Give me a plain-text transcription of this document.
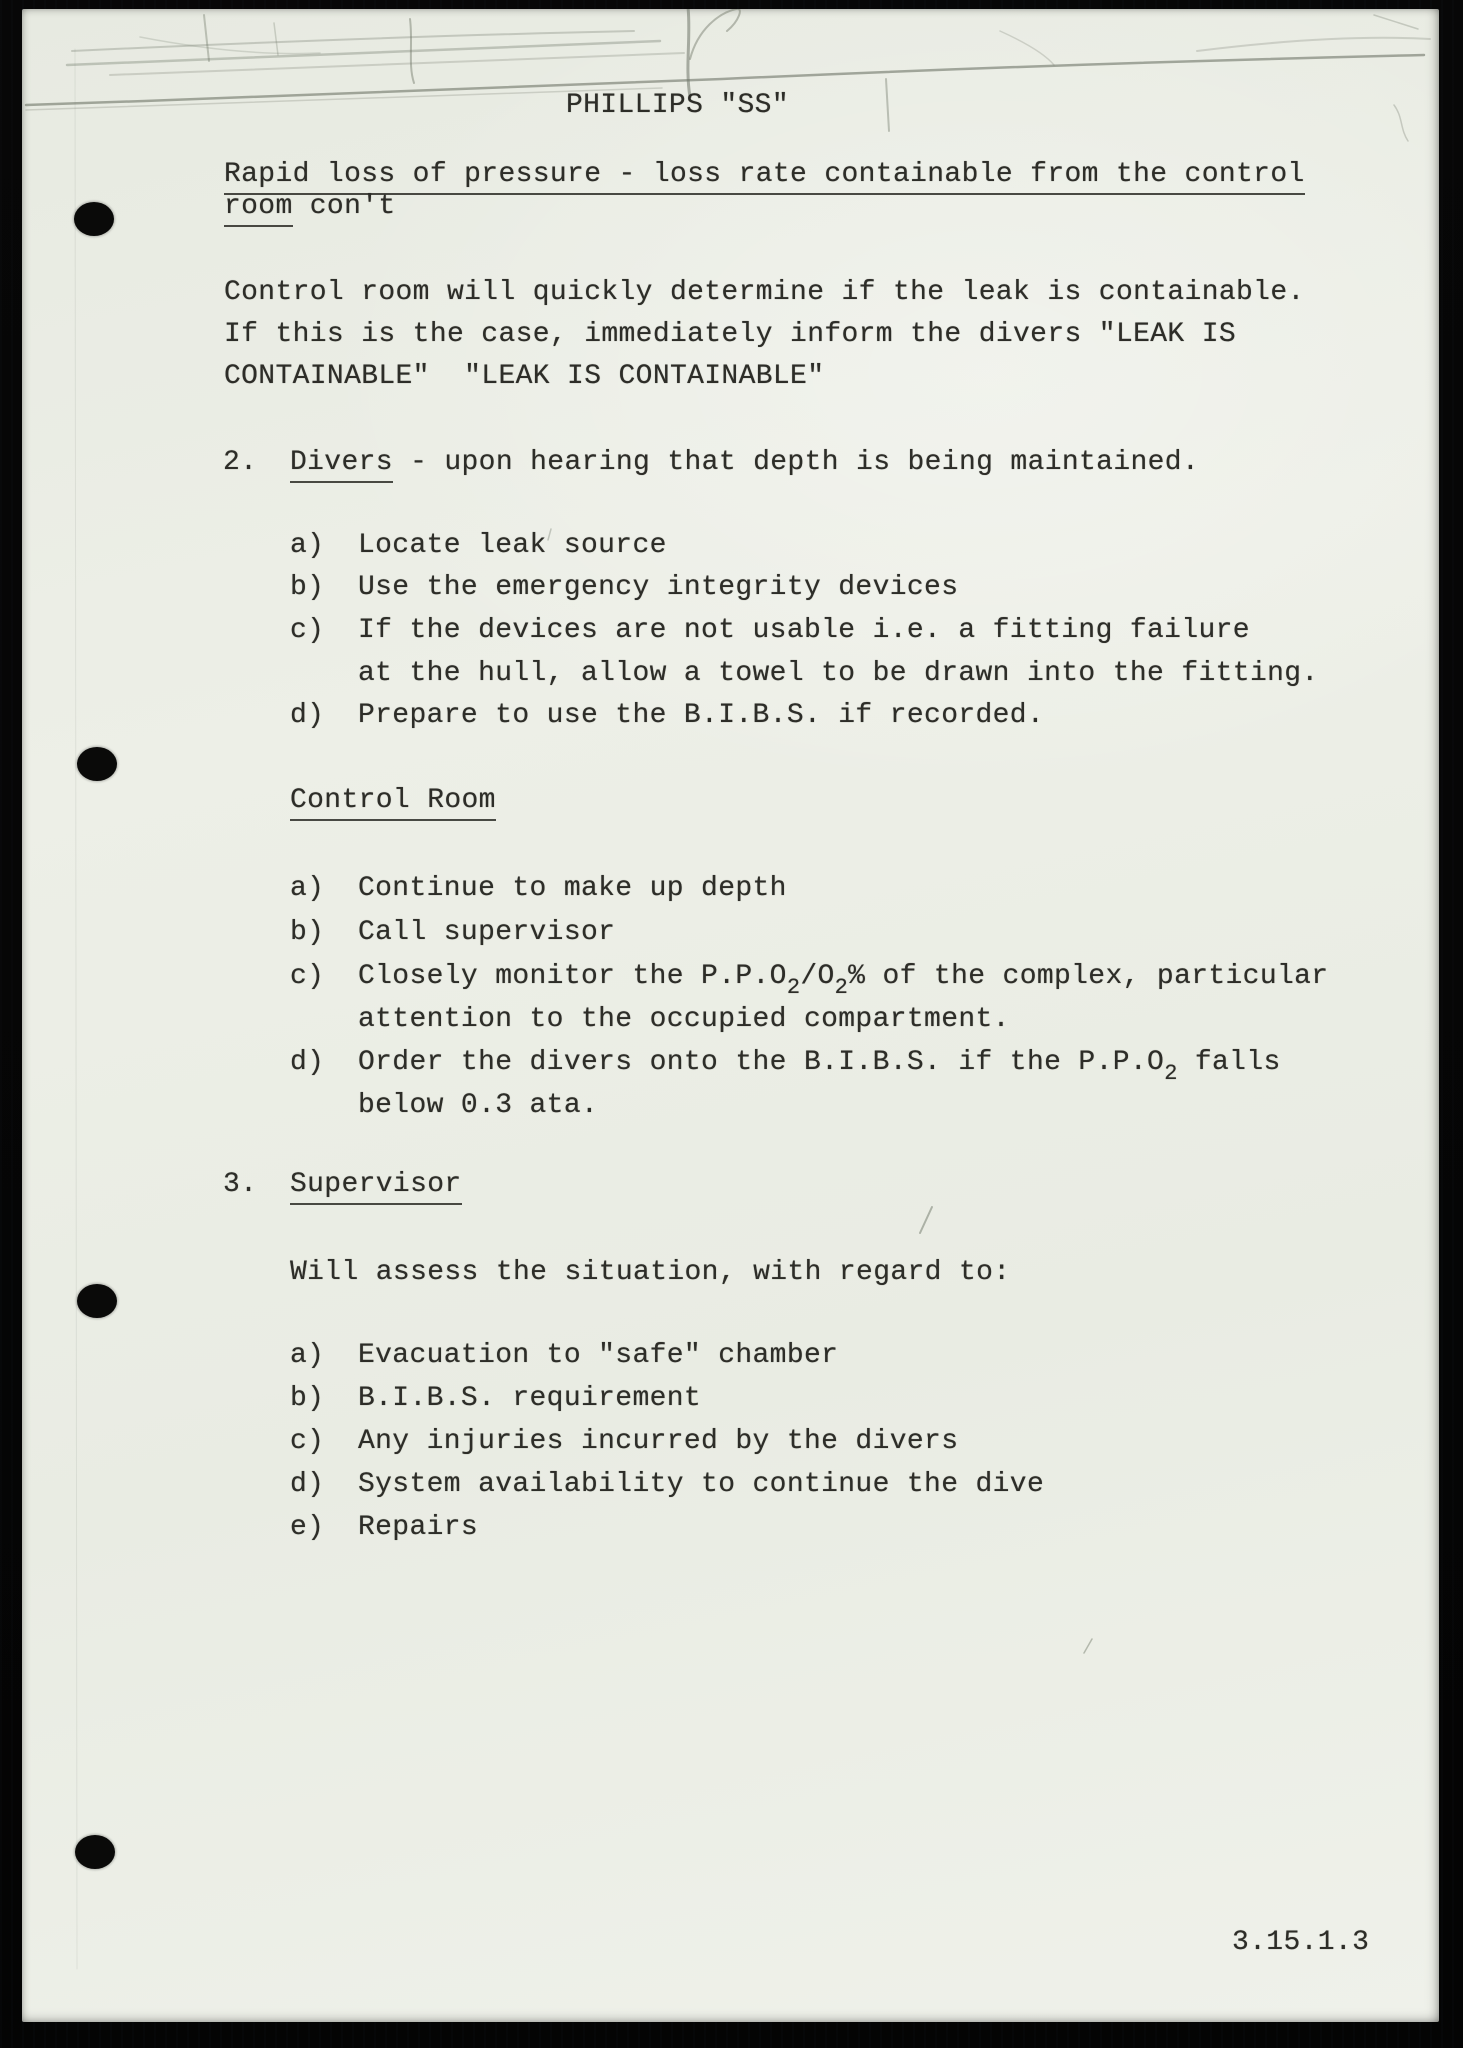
PHILLIPS "SS"
Rapid loss of pressure - loss rate containable from the control
room con't
Control room will quickly determine if the leak is containable.
If this is the case, immediately inform the divers "LEAK IS
CONTAINABLE"  "LEAK IS CONTAINABLE"
2. Divers - upon hearing that depth is being maintained.
a) Locate leak source
b) Use the emergency integrity devices
c) If the devices are not usable i.e. a fitting failure
at the hull, allow a towel to be drawn into the fitting.
d) Prepare to use the B.I.B.S. if recorded.
Control Room
a) Continue to make up depth
b) Call supervisor
c) Closely monitor the $P.P.O_2/O_2\%$ of the complex, particular
attention to the occupied compartment.
d) Order the divers onto the B.I.B.S. if the $P.P.O_2$ falls
below 0.3 ata.
3. Supervisor
Will assess the situation, with regard to:
a) Evacuation to "safe" chamber
b) B.I.B.S. requirement
c) Any injuries incurred by the divers
d) System availability to continue the dive
e) Repairs
3.15.1.3
